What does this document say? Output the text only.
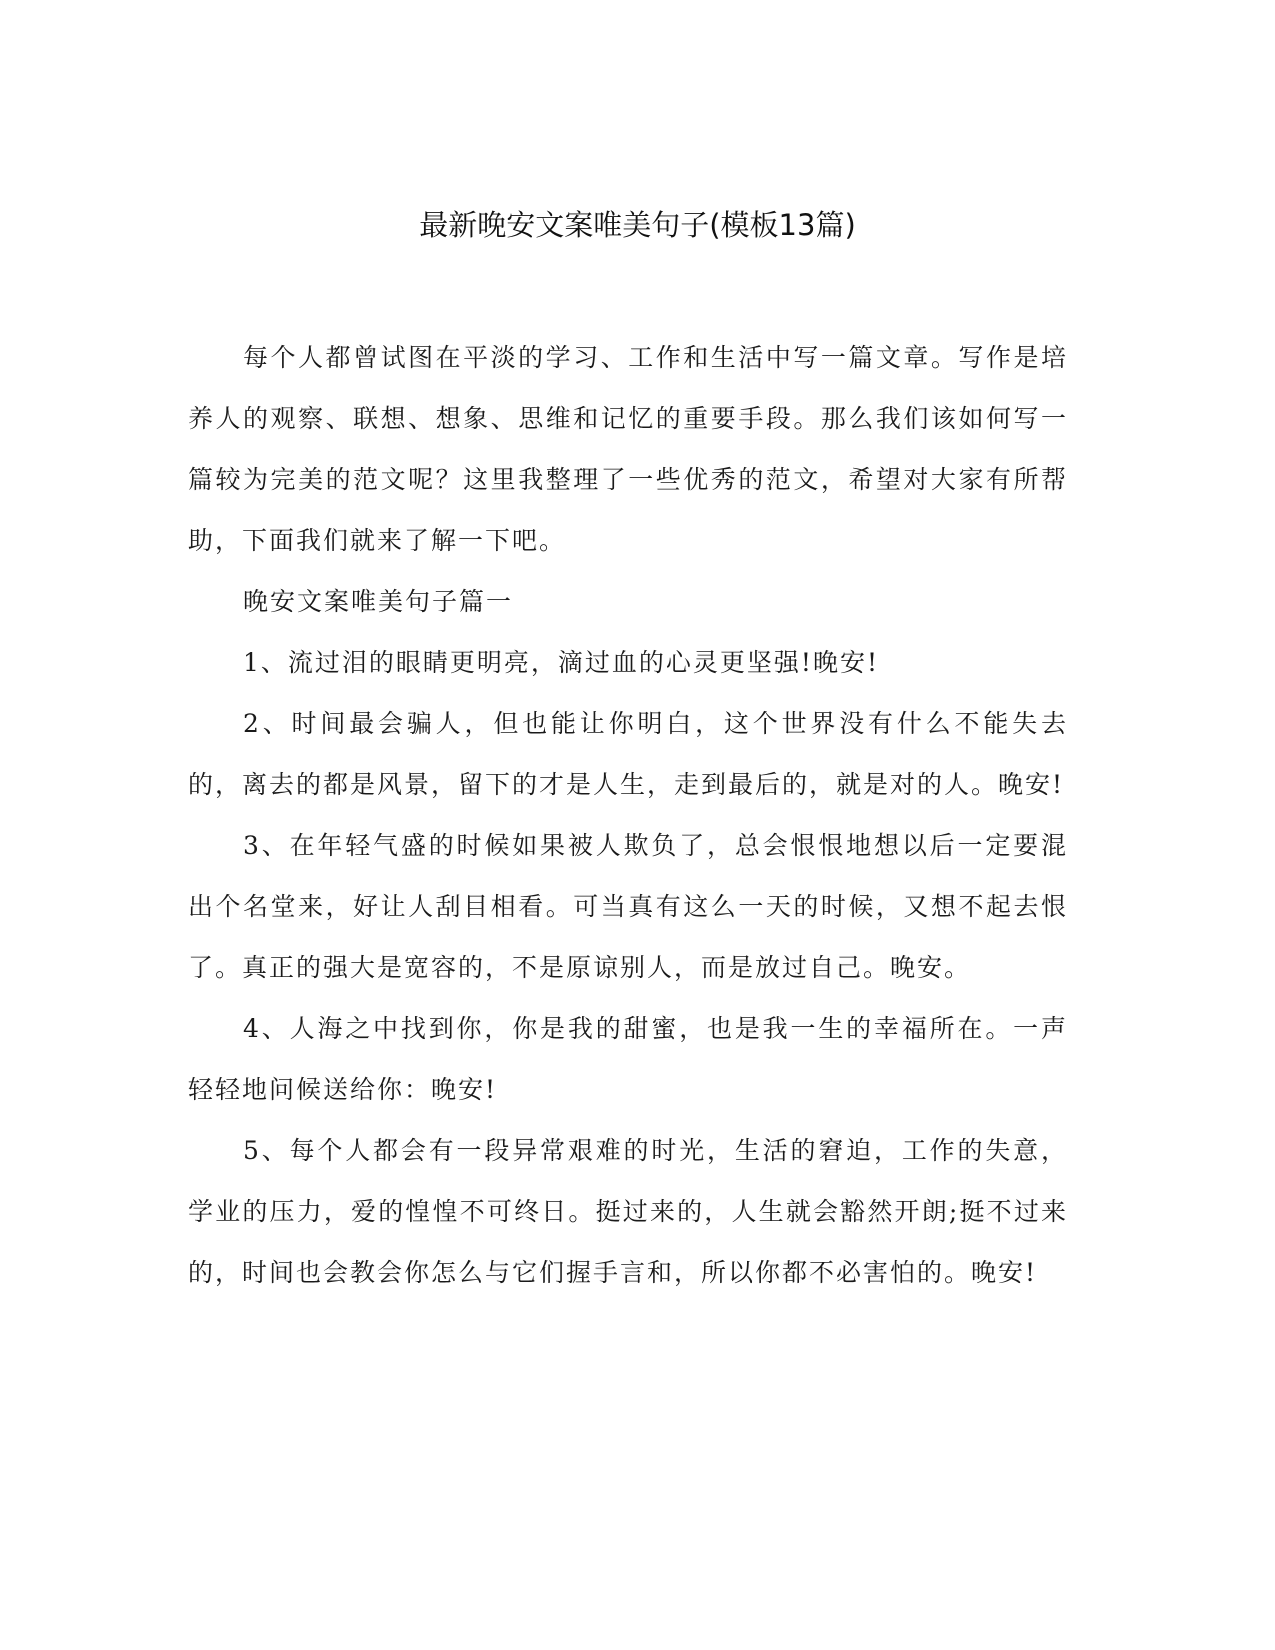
最新晚安文案唯美句子(模板13篇)

每个人都曾试图在平淡的学习、工作和生活中写一篇文章。写作是培养人的观察、联想、想象、思维和记忆的重要手段。那么我们该如何写一篇较为完美的范文呢？这里我整理了一些优秀的范文，希望对大家有所帮助，下面我们就来了解一下吧。

晚安文案唯美句子篇一

1、流过泪的眼睛更明亮，滴过血的心灵更坚强!晚安!

2、时间最会骗人，但也能让你明白，这个世界没有什么不能失去的，离去的都是风景，留下的才是人生，走到最后的，就是对的人。晚安!

3、在年轻气盛的时候如果被人欺负了，总会恨恨地想以后一定要混出个名堂来，好让人刮目相看。可当真有这么一天的时候，又想不起去恨了。真正的强大是宽容的，不是原谅别人，而是放过自己。晚安。

4、人海之中找到你，你是我的甜蜜，也是我一生的幸福所在。一声轻轻地问候送给你：晚安!

5、每个人都会有一段异常艰难的时光，生活的窘迫，工作的失意，学业的压力，爱的惶惶不可终日。挺过来的，人生就会豁然开朗;挺不过来的，时间也会教会你怎么与它们握手言和，所以你都不必害怕的。晚安!
